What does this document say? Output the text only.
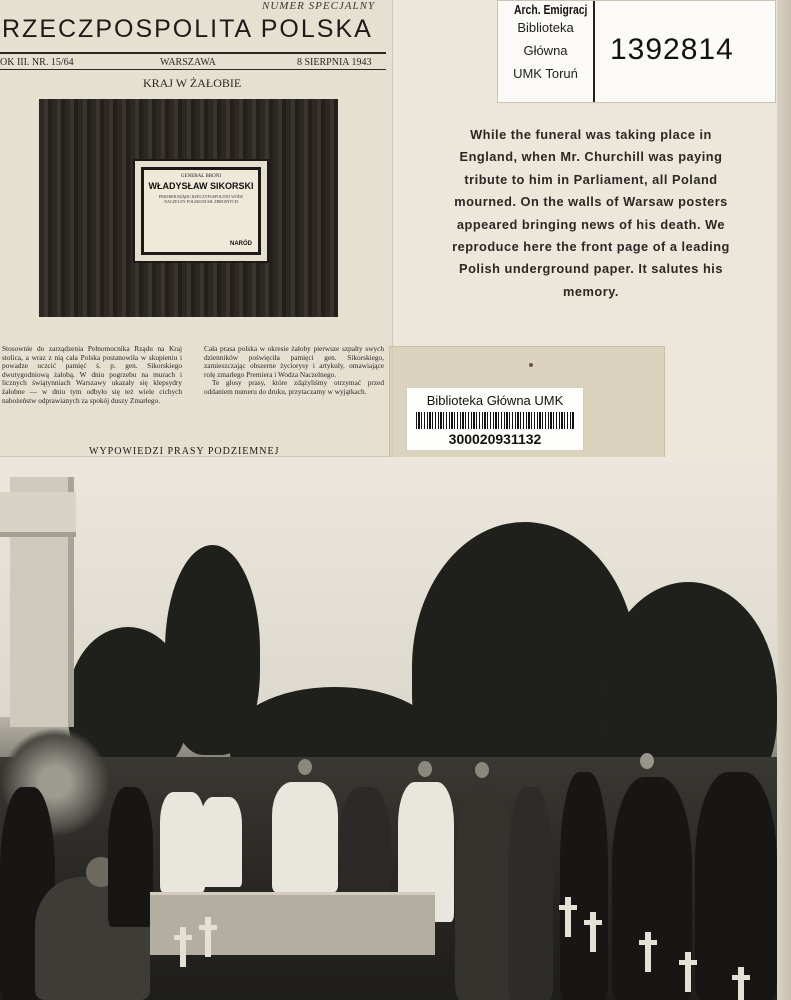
NUMER SPECJALNY
RZECZPOSPOLITA POLSKA
OK III. NR. 15/64	WARSZAWA	8 SIERPNIA 1943
KRAJ W ŻAŁOBIE
GENERAŁ BRONI
WŁADYSŁAW SIKORSKI
PREMIER RZĄDU RZECZYPOSPOLITEJ WÓDZ NACZELNY POLSKICH SIŁ ZBROJNYCH
NARÓD

Stosownie do zarządzenia Pełnomocnika Rządu na Kraj stolica, a wraz z nią cała Polska postanowiła w skupieniu i powadze uczcić pamięć ś. p. gen. Sikorskiego dwutygodniową żałobą. W dniu pogrzebu na murach i licznych świątynniach Warszawy ukazały się klepsydry żałobne — w dniu tym odbyło się też wiele cichych nabożeństw odprawianych za spokój duszy Zmarłego.

Cała prasa polska w okresie żałoby pierwsze szpalty swych dzienników poświęciła pamięci gen. Sikorskiego, zamieszczając obszerne życiorysy i artykuły, omawiające rolę zmarłego Premiera i Wodza Naczelnego.

Te głosy prasy, które zdążyliśmy otrzymać przed oddaniem numeru do druku, przytaczamy w wyjątkach.

WYPOWIEDZI PRASY PODZIEMNEJ
Arch. Emigracj
Biblioteka
Główna
UMK Toruń
1392814
While the funeral was taking place in England, when Mr. Churchill was paying tribute to him in Parliament, all Poland mourned. On the walls of Warsaw posters appeared bringing news of his death. We reproduce here the front page of a leading Polish underground paper. It salutes his memory.
Biblioteka Główna UMK
300020931132
